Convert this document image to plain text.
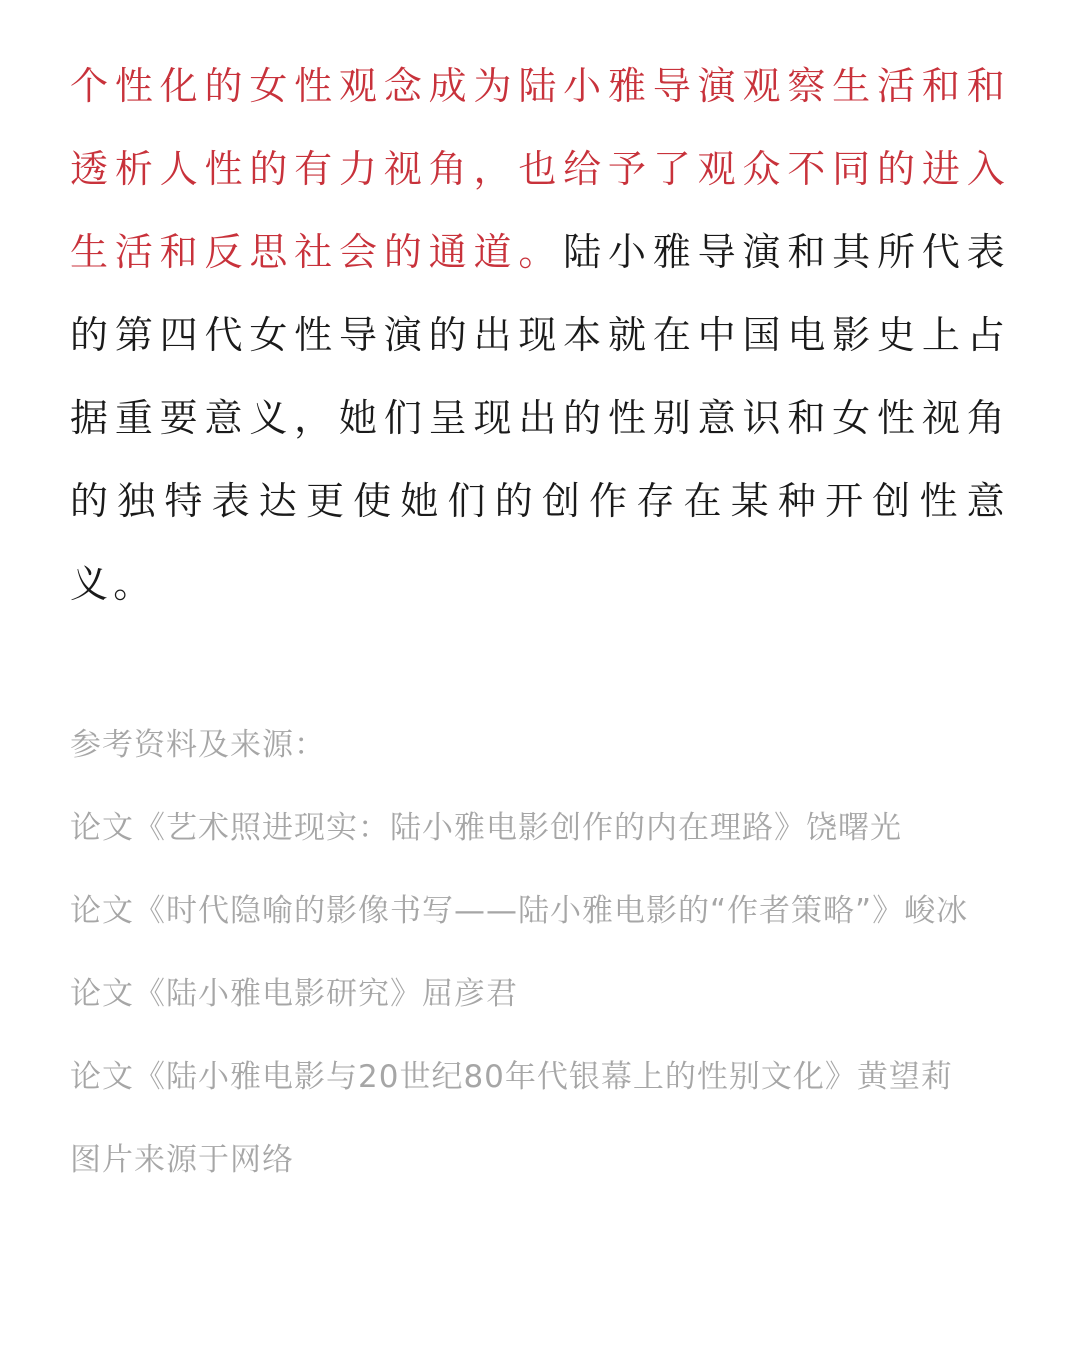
个性化的女性观念成为陆小雅导演观察生活和和透析人性的有力视角，也给予了观众不同的进入生活和反思社会的通道。陆小雅导演和其所代表的第四代女性导演的出现本就在中国电影史上占据重要意义，她们呈现出的性别意识和女性视角的独特表达更使她们的创作存在某种开创性意义。

参考资料及来源：

论文《艺术照进现实：陆小雅电影创作的内在理路》饶曙光

论文《时代隐喻的影像书写——陆小雅电影的“作者策略”》峻冰

论文《陆小雅电影研究》屈彦君

论文《陆小雅电影与20世纪80年代银幕上的性别文化》黄望莉

图片来源于网络
